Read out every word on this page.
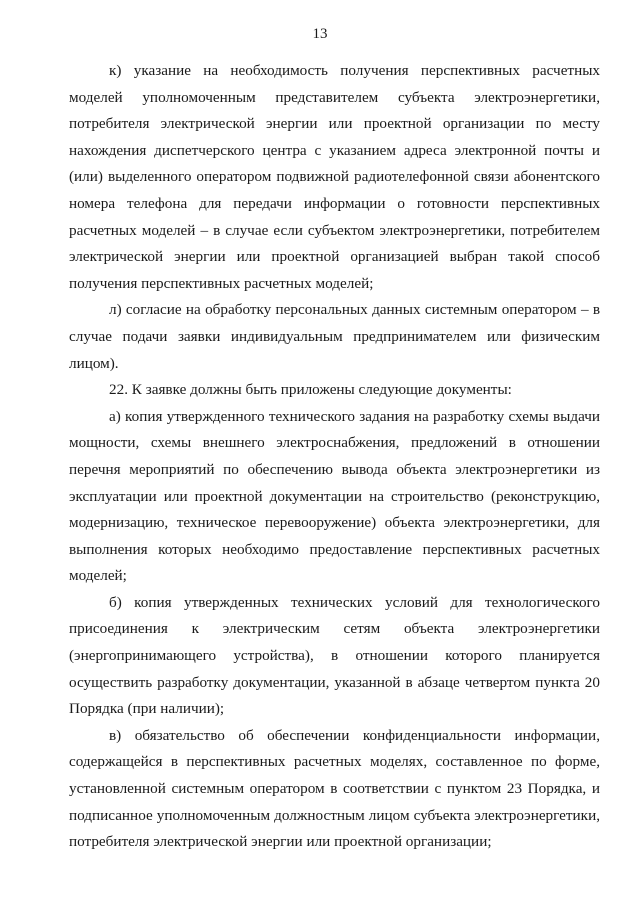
13

к) указание на необходимость получения перспективных расчетных моделей уполномоченным представителем субъекта электроэнергетики, потребителя электрической энергии или проектной организации по месту нахождения диспетчерского центра с указанием адреса электронной почты и (или) выделенного оператором подвижной радиотелефонной связи абонентского номера телефона для передачи информации о готовности перспективных расчетных моделей – в случае если субъектом электроэнергетики, потребителем электрической энергии или проектной организацией выбран такой способ получения перспективных расчетных моделей;

л) согласие на обработку персональных данных системным оператором – в случае подачи заявки индивидуальным предпринимателем или физическим лицом).

22. К заявке должны быть приложены следующие документы:

а) копия утвержденного технического задания на разработку схемы выдачи мощности, схемы внешнего электроснабжения, предложений в отношении перечня мероприятий по обеспечению вывода объекта электроэнергетики из эксплуатации или проектной документации на строительство (реконструкцию, модернизацию, техническое перевооружение) объекта электроэнергетики, для выполнения которых необходимо предоставление перспективных расчетных моделей;

б) копия утвержденных технических условий для технологического присоединения к электрическим сетям объекта электроэнергетики (энергопринимающего устройства), в отношении которого планируется осуществить разработку документации, указанной в абзаце четвертом пункта 20 Порядка (при наличии);

в) обязательство об обеспечении конфиденциальности информации, содержащейся в перспективных расчетных моделях, составленное по форме, установленной системным оператором в соответствии с пунктом 23 Порядка, и подписанное уполномоченным должностным лицом субъекта электроэнергетики, потребителя электрической энергии или проектной организации;
